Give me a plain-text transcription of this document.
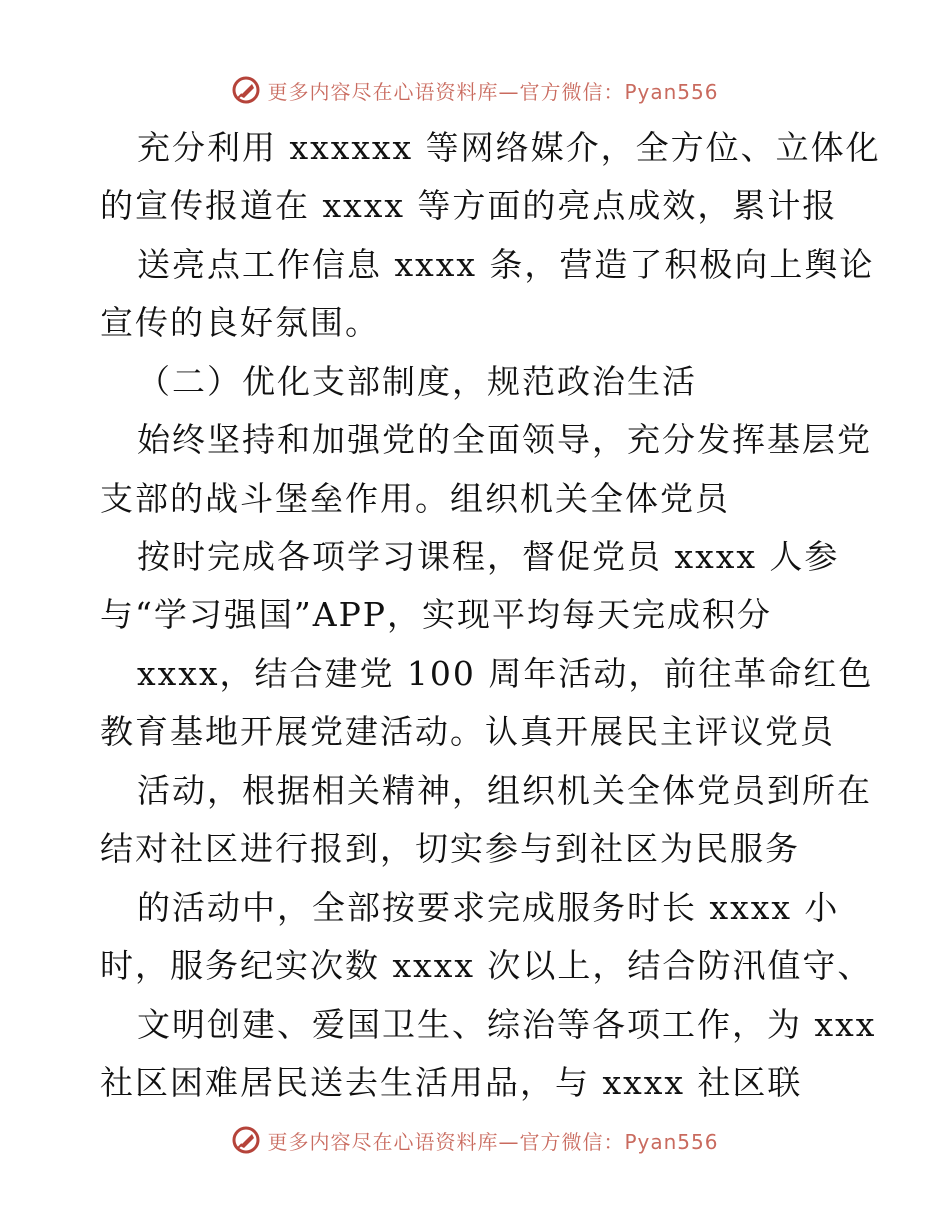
更多内容尽在心语资料库—官方微信：Pyan556
充分利用 xxxxxx 等网络媒介，全方位、立体化
的宣传报道在 xxxx 等方面的亮点成效，累计报
送亮点工作信息 xxxx 条，营造了积极向上舆论
宣传的良好氛围。
（二）优化支部制度，规范政治生活
始终坚持和加强党的全面领导，充分发挥基层党
支部的战斗堡垒作用。组织机关全体党员
按时完成各项学习课程，督促党员 xxxx 人参
与“学习强国”APP，实现平均每天完成积分
xxxx，结合建党 100 周年活动，前往革命红色
教育基地开展党建活动。认真开展民主评议党员
活动，根据相关精神，组织机关全体党员到所在
结对社区进行报到，切实参与到社区为民服务
的活动中，全部按要求完成服务时长 xxxx 小
时，服务纪实次数 xxxx 次以上，结合防汛值守、
文明创建、爱国卫生、综治等各项工作，为 xxx
社区困难居民送去生活用品，与 xxxx 社区联
更多内容尽在心语资料库—官方微信：Pyan556
